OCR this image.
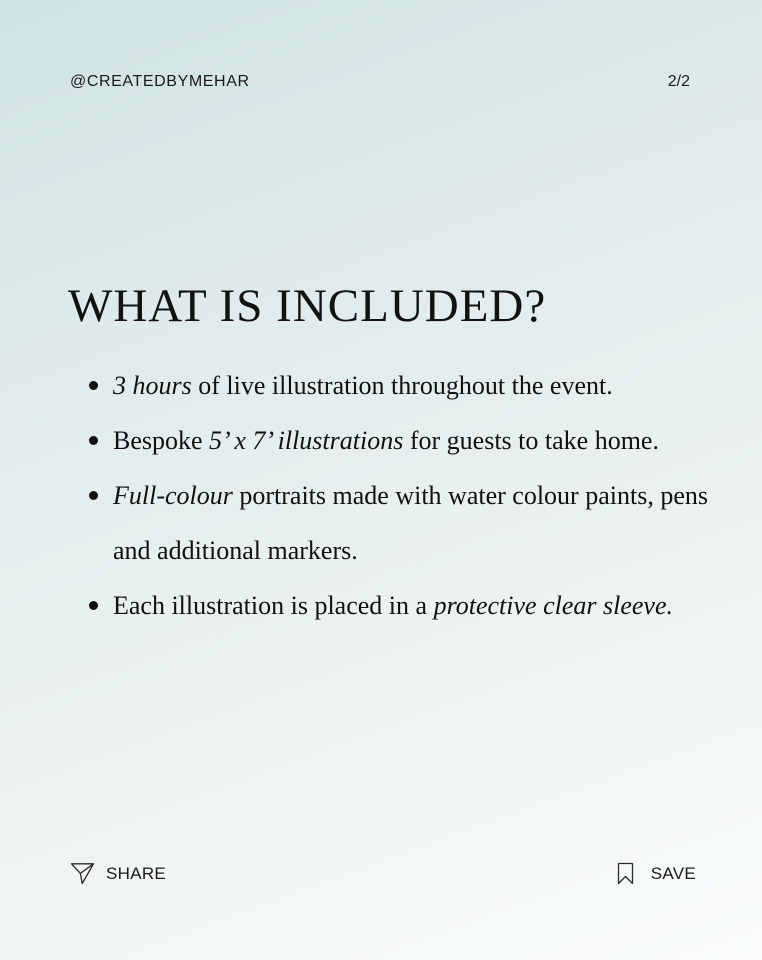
@CREATEDBYMEHAR	2/2
WHAT IS INCLUDED?
3 hours of live illustration throughout the event.
Bespoke 5’ x 7’ illustrations for guests to take home.
Full-colour portraits made with water colour paints, pens and additional markers.
Each illustration is placed in a protective clear sleeve.
SHARE	SAVE
